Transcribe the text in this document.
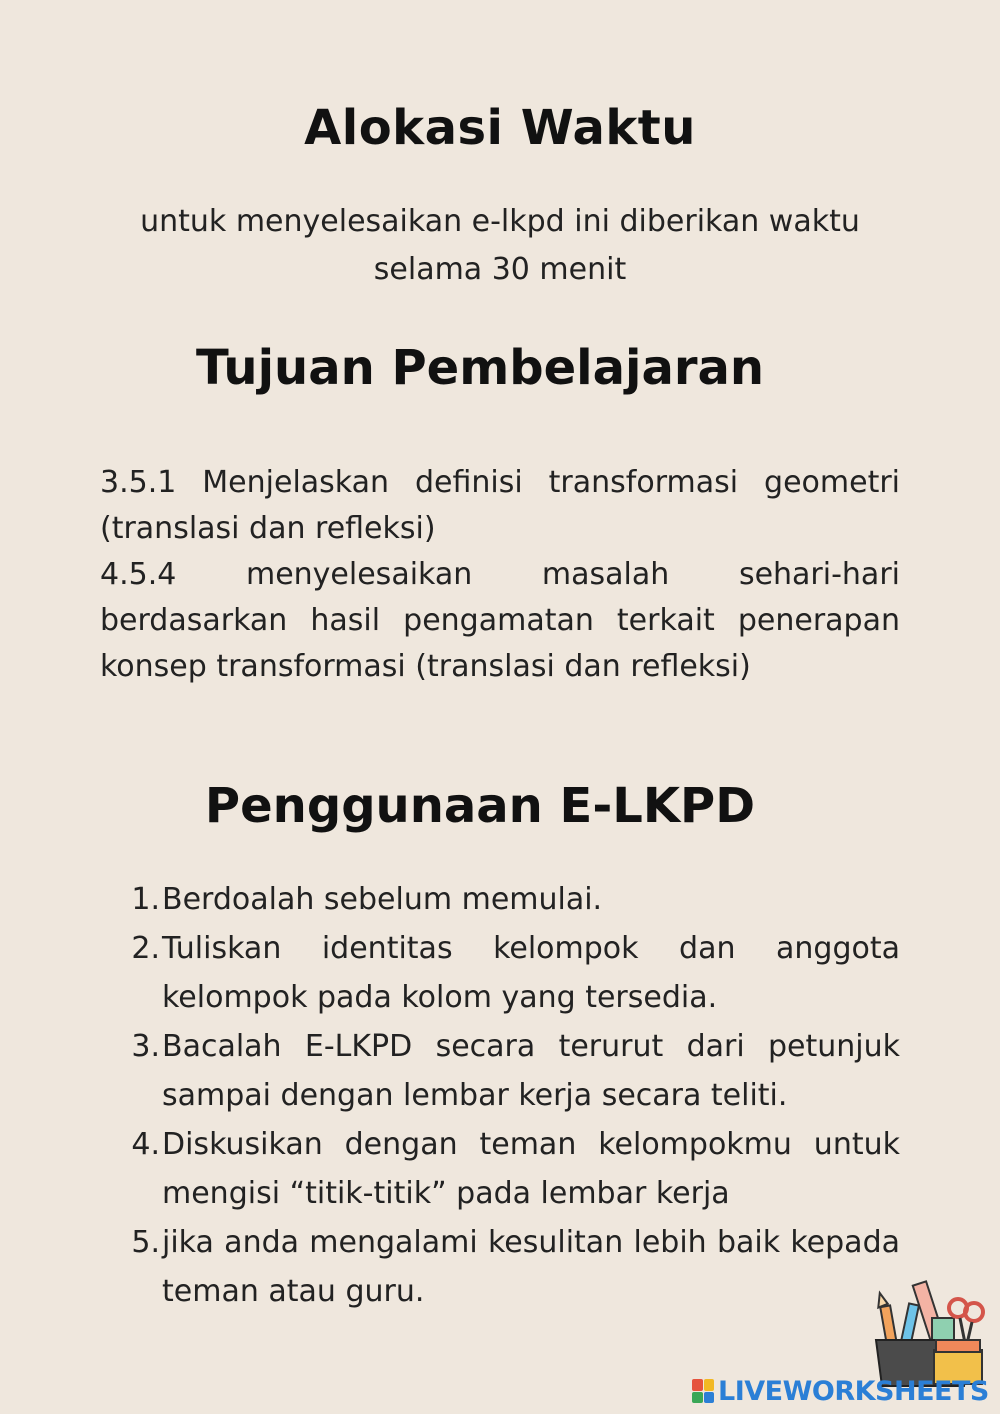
Alokasi Waktu
untuk menyelesaikan e-lkpd ini diberikan waktu selama 30 menit
Tujuan Pembelajaran

3.5.1 Menjelaskan definisi transformasi geometri (translasi dan refleksi)

4.5.4 menyelesaikan masalah sehari-hari berdasarkan hasil pengamatan terkait penerapan konsep transformasi (translasi dan refleksi)

Penggunaan E-LKPD
1. Berdoalah sebelum memulai.
2. Tuliskan identitas kelompok dan anggota kelompok pada kolom yang tersedia.
3. Bacalah E-LKPD secara terurut dari petunjuk sampai dengan lembar kerja secara teliti.
4. Diskusikan dengan teman kelompokmu untuk mengisi “titik-titik” pada lembar kerja
5. jika anda mengalami kesulitan lebih baik kepada teman atau guru.
LIVEWORKSHEETS
